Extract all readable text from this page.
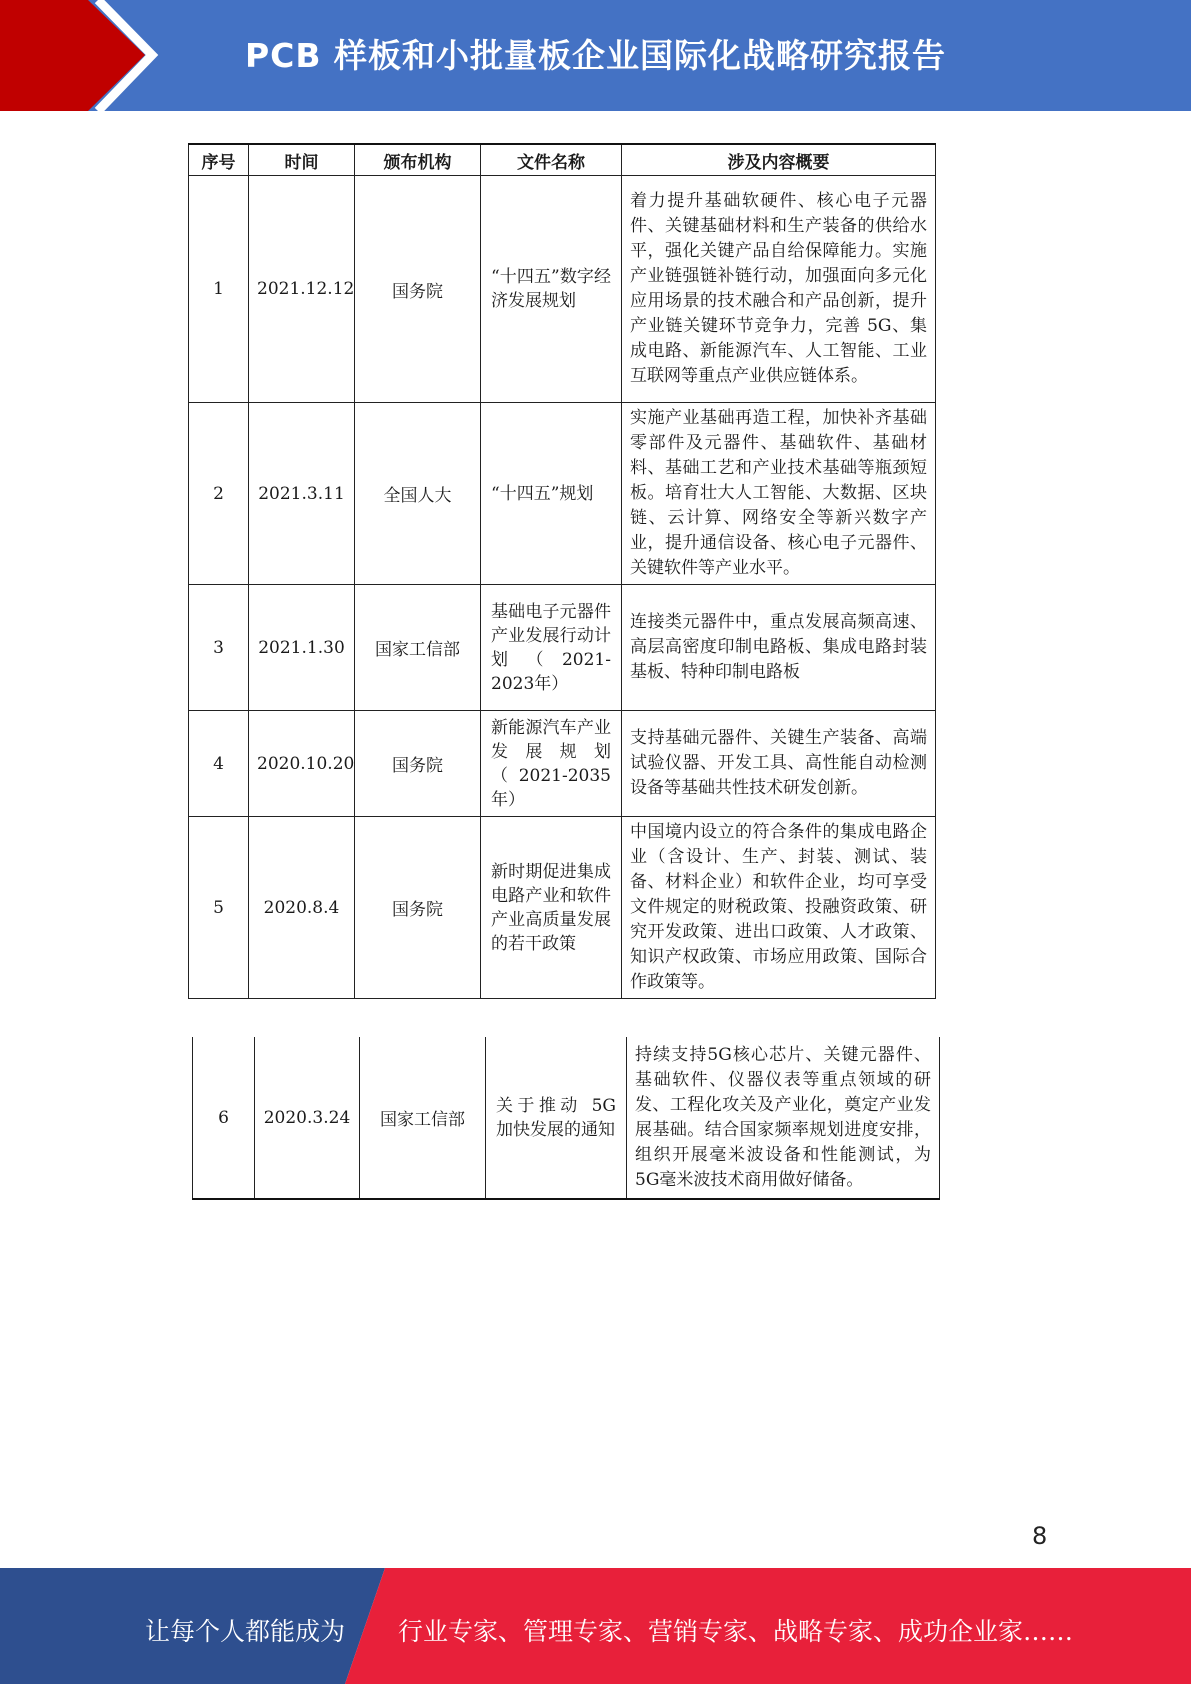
PCB 样板和小批量板企业国际化战略研究报告
序号	时间	颁布机构	文件名称	涉及内容概要
1	2021.12.12	国务院	“十四五”数字经济发展规划	着力提升基础软硬件、核心电子元器件、关键基础材料和生产装备的供给水平，强化关键产品自给保障能力。实施产业链强链补链行动，加强面向多元化应用场景的技术融合和产品创新，提升产业链关键环节竞争力，完善 5G、集成电路、新能源汽车、人工智能、工业互联网等重点产业供应链体系。
2	2021.3.11	全国人大	“十四五”规划	实施产业基础再造工程，加快补齐基础零部件及元器件、基础软件、基础材料、基础工艺和产业技术基础等瓶颈短板。培育壮大人工智能、大数据、区块链、云计算、网络安全等新兴数字产业，提升通信设备、核心电子元器件、关键软件等产业水平。
3	2021.1.30	国家工信部	基础电子元器件产业发展行动计划（2021-2023年）	连接类元器件中，重点发展高频高速、高层高密度印制电路板、集成电路封装基板、特种印制电路板
4	2020.10.20	国务院	新能源汽车产业发展规划（2021-2035年）	支持基础元器件、关键生产装备、高端试验仪器、开发工具、高性能自动检测设备等基础共性技术研发创新。
5	2020.8.4	国务院	新时期促进集成电路产业和软件产业高质量发展的若干政策	中国境内设立的符合条件的集成电路企业（含设计、生产、封装、测试、装备、材料企业）和软件企业，均可享受文件规定的财税政策、投融资政策、研究开发政策、进出口政策、人才政策、知识产权政策、市场应用政策、国际合作政策等。
6	2020.3.24	国家工信部	关于推动 5G 加快发展的通知	持续支持5G核心芯片、关键元器件、基础软件、仪器仪表等重点领域的研发、工程化攻关及产业化，奠定产业发展基础。结合国家频率规划进度安排，组织开展毫米波设备和性能测试，为5G毫米波技术商用做好储备。
8
让每个人都能成为 行业专家、管理专家、营销专家、战略专家、成功企业家……
